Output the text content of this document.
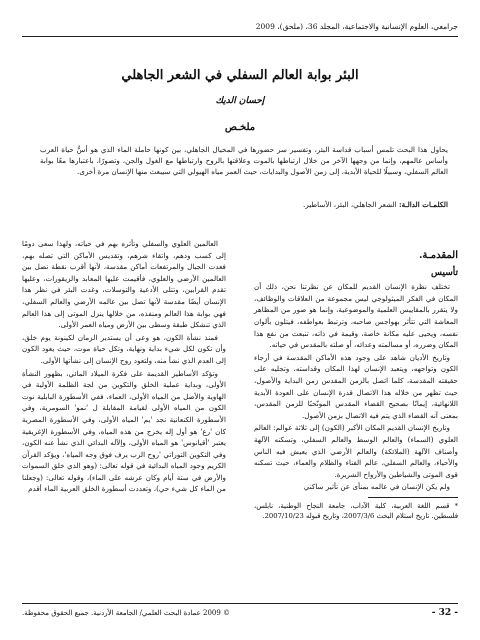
جرامعي، العلوم الإنسانية والاجتماعية، المجلد 36، (ملحق)، 2009
البئر بوابة العالم السفلي في الشعر الجاهلي
إحسان الديك
ملخـص
يحاول هذا البحث تلمس أسباب قداسة البئر، وتفسير سر حضورها في المخيال الجاهلي، بين كونها حاملة الماء الذي هو أسُّ حياة العرب وأساس عالمهم، وإنما من وجهها الآخر من خلال ارتباطها بالموت وعلاقتها بالروح وارتباطها مع الغول والجن، وتصورًا، باعتبارها معًا بوابة العالم السفلي، وسبيلًا للحياة الأبدية، إلى زمن الأصول والبدايات، حيث العمر مياه الهيولي التي سيبعث منها الإنسان مرة أخرى.
الكلمـات الدالـة: الشعر الجاهلي، البئر، الأساطير.
المقدمـة.
تأسيس

تختلف نظرة الإنسان القديم للمكان عن نظرتنا نحن، ذلك أن المكان في الفكر الميثولوجي ليس مجموعة من العلاقات والوظائف، ولا يتقرر بالمقاييس العلمية والموضوعية، وإنما هو صور من المظاهر المعاشة التي تتأثر بهواجس صاحبه، وترتبط بعواطفه، فيتلون بألوان نفسه، ويحيى عليه مكانة خاصة، وقيمة في ذاته، تنبعث من نفع هذا المكان وضرره، أو مسالمته وعدائه، أو صلته بالمقدس في حياته.

وتاريخ الأديان شاهد على وجود هذه الأماكن المقدسة في أرجاء الكون وتواجهه، ويتعبد الإنسان لهذا المكان وقداسته، وتجليه على حقيقته المقدسة، كلما اتصل بالزمن المقدس زمن البداية والأصول، حيث تظهر من خلاله هذا الاتصال قدرة الإنسان على العودة الأبدية اللانهائية، إيمانًا بصحيح القضاء المقدس المونّحبًا للزمن المقدس، بمعنى آنه القضاء الذي يتم فيه الاتصال بزمن الأصول.

وتاريخ الإنسان القديم المكان الأكبر (الكون) إلى ثلاثة عوالم: العالم العلوي (السماء) والعالم الوسط والعالم السفلي، وتسكنه الآلهة وأصناف الآلهة (الملائكة) والعالم الأرضي الذي يعيش فيه الناس والأحياء، والعالم السفلي، عالم الفناء والظلام والعماء، حيث تسكنه قوى الموتى والشياطين والأرواح الشريرة.

ولم يكن الإنسان في عالمه بمنأى عن تأثير ساكني

* قسم اللغة العربية، كلية الآداب، جامعة النجاح الوطنية، نابلس، فلسطين. تاريخ استلام البحث 2007/3/6، وتاريخ قبوله 2007/10/23.

العالمين العلوي والسفلي وتأثره بهم في حياته، ولهذا سعى دومًا إلى كسب ودهم، واتقاء شرهم، وتقديس الأماكن التي تصله بهم، فعدت الجبال والمرتفعات أماكن مقدسة، لأنها أقرب نقطة تصل بين العالمين الأرضي والعلوي، فأقيمت عليها المعابد والزيقورات، وعليها تقدم القرابين، وتتلى الأدعية والتوسلات، وغدت البئر في نظر هذا الإنسان أيضًا مقدسة لأنها تصل بين عالمه الأرضي والعالم السفلي، فهي بوابة هذا العالم ومنفذه، من خلالها ينزل الموتى إلى هذا العالم الذي تنشكل طبقة وسطى بين الأرض ومياه العمر الأولى.

فمنذ نشأة الكون، هو وعى أن يستدير الزمان لكينونة يوم خلق، وأن تكون لكل شيء بداية ونهاية، وتكل حياة موت، حيث يعود الكون إلى العدم الذي نشأ منه، ولتعود روح الإنسان إلى نشأتها الأولى.

وتؤكد الأساطير القديمة على فكرة الميلاد المائي، بظهور النشأة الأولى، وبداية عملية الخلق والتكوين من لجة الظلمة الأولية في الهاوية والأصل من المياه الأولى، العماء، ففي الأسطورة البابلية نوت الكون من المياه الأولى لقيامة المقابلة ل 'نمو' السومرية، وفي الأسطورة الكنعانية نجد 'يم' المياه الأولى، وفي الأسطورة المصرية كان 'رع' هو أول إله يخرج من هذه المياه، وفي الأسطورة الإغريقية يعتبر 'أقيانوس' هو المياه الأولى، وإلآله البدائي الذي نشأ عنه الكون، وفي التكوين التوراتي 'روح الرب يرف فوق وجه المياه'، ويؤكد القرآن الكريم وجود المياه البدائية في قوله تعالى: (وهو الذي خلق السموات والأرض في ستة أيام وكان عرشه على الماء)، وقوله تعالى: (وجعلنا من الماء كل شيء حي)، وتعددت أسطورة الخلق العربية الماء أقدم

- 32 -
© 2009 عمادة البحث العلمي/ الجامعة الأردنية. جميع الحقوق محفوظة.
